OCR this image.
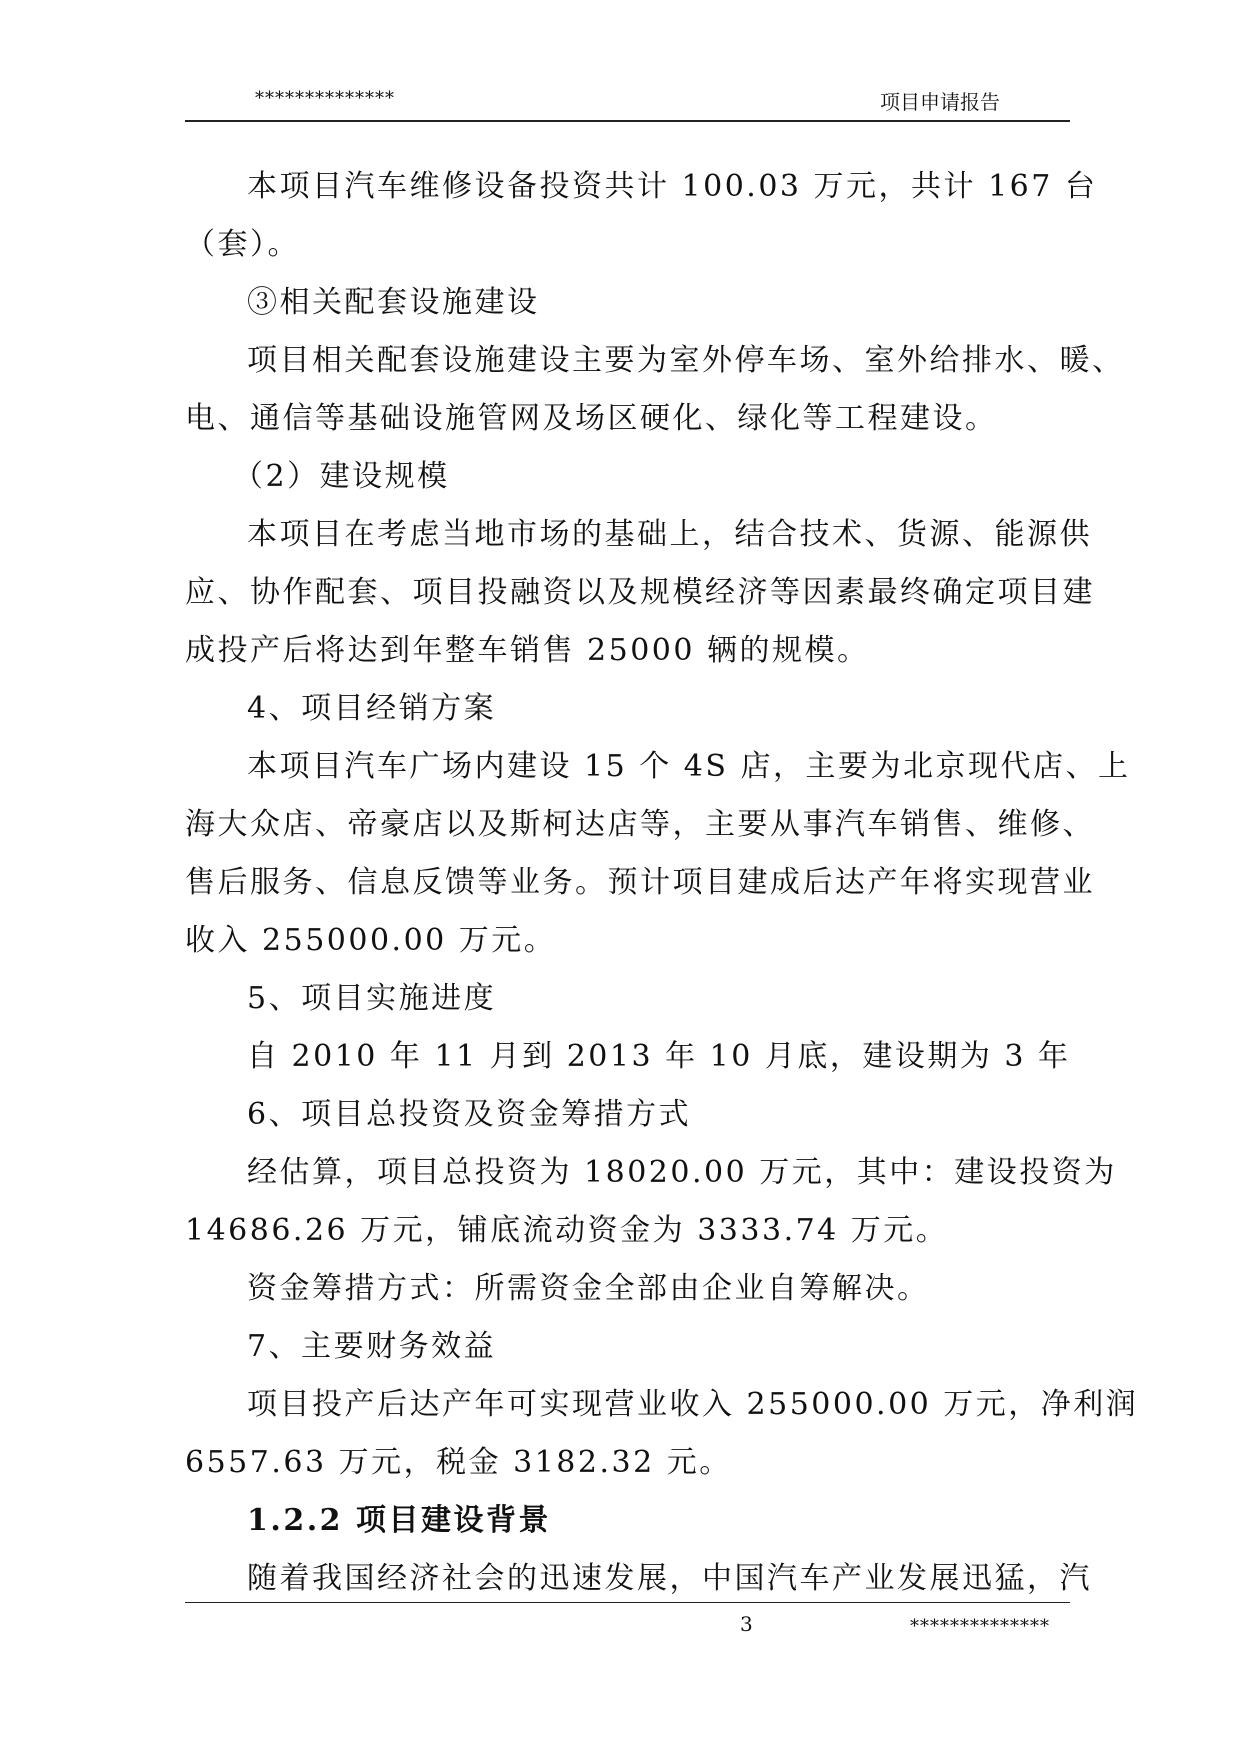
**************	项目申请报告

本项目汽车维修设备投资共计 100.03 万元，共计 167 台

（套）。

③相关配套设施建设

项目相关配套设施建设主要为室外停车场、室外给排水、暖、

电、通信等基础设施管网及场区硬化、绿化等工程建设。

（2）建设规模

本项目在考虑当地市场的基础上，结合技术、货源、能源供

应、协作配套、项目投融资以及规模经济等因素最终确定项目建

成投产后将达到年整车销售 25000 辆的规模。

4、项目经销方案

本项目汽车广场内建设 15 个 4S 店，主要为北京现代店、上

海大众店、帝豪店以及斯柯达店等，主要从事汽车销售、维修、

售后服务、信息反馈等业务。预计项目建成后达产年将实现营业

收入 255000.00 万元。

5、项目实施进度

自 2010 年 11 月到 2013 年 10 月底，建设期为 3 年

6、项目总投资及资金筹措方式

经估算，项目总投资为 18020.00 万元，其中：建设投资为

14686.26 万元，铺底流动资金为 3333.74 万元。

资金筹措方式：所需资金全部由企业自筹解决。

7、主要财务效益

项目投产后达产年可实现营业收入 255000.00 万元，净利润

6557.63 万元，税金 3182.32 元。

1.2.2 项目建设背景

随着我国经济社会的迅速发展，中国汽车产业发展迅猛，汽

3	**************
